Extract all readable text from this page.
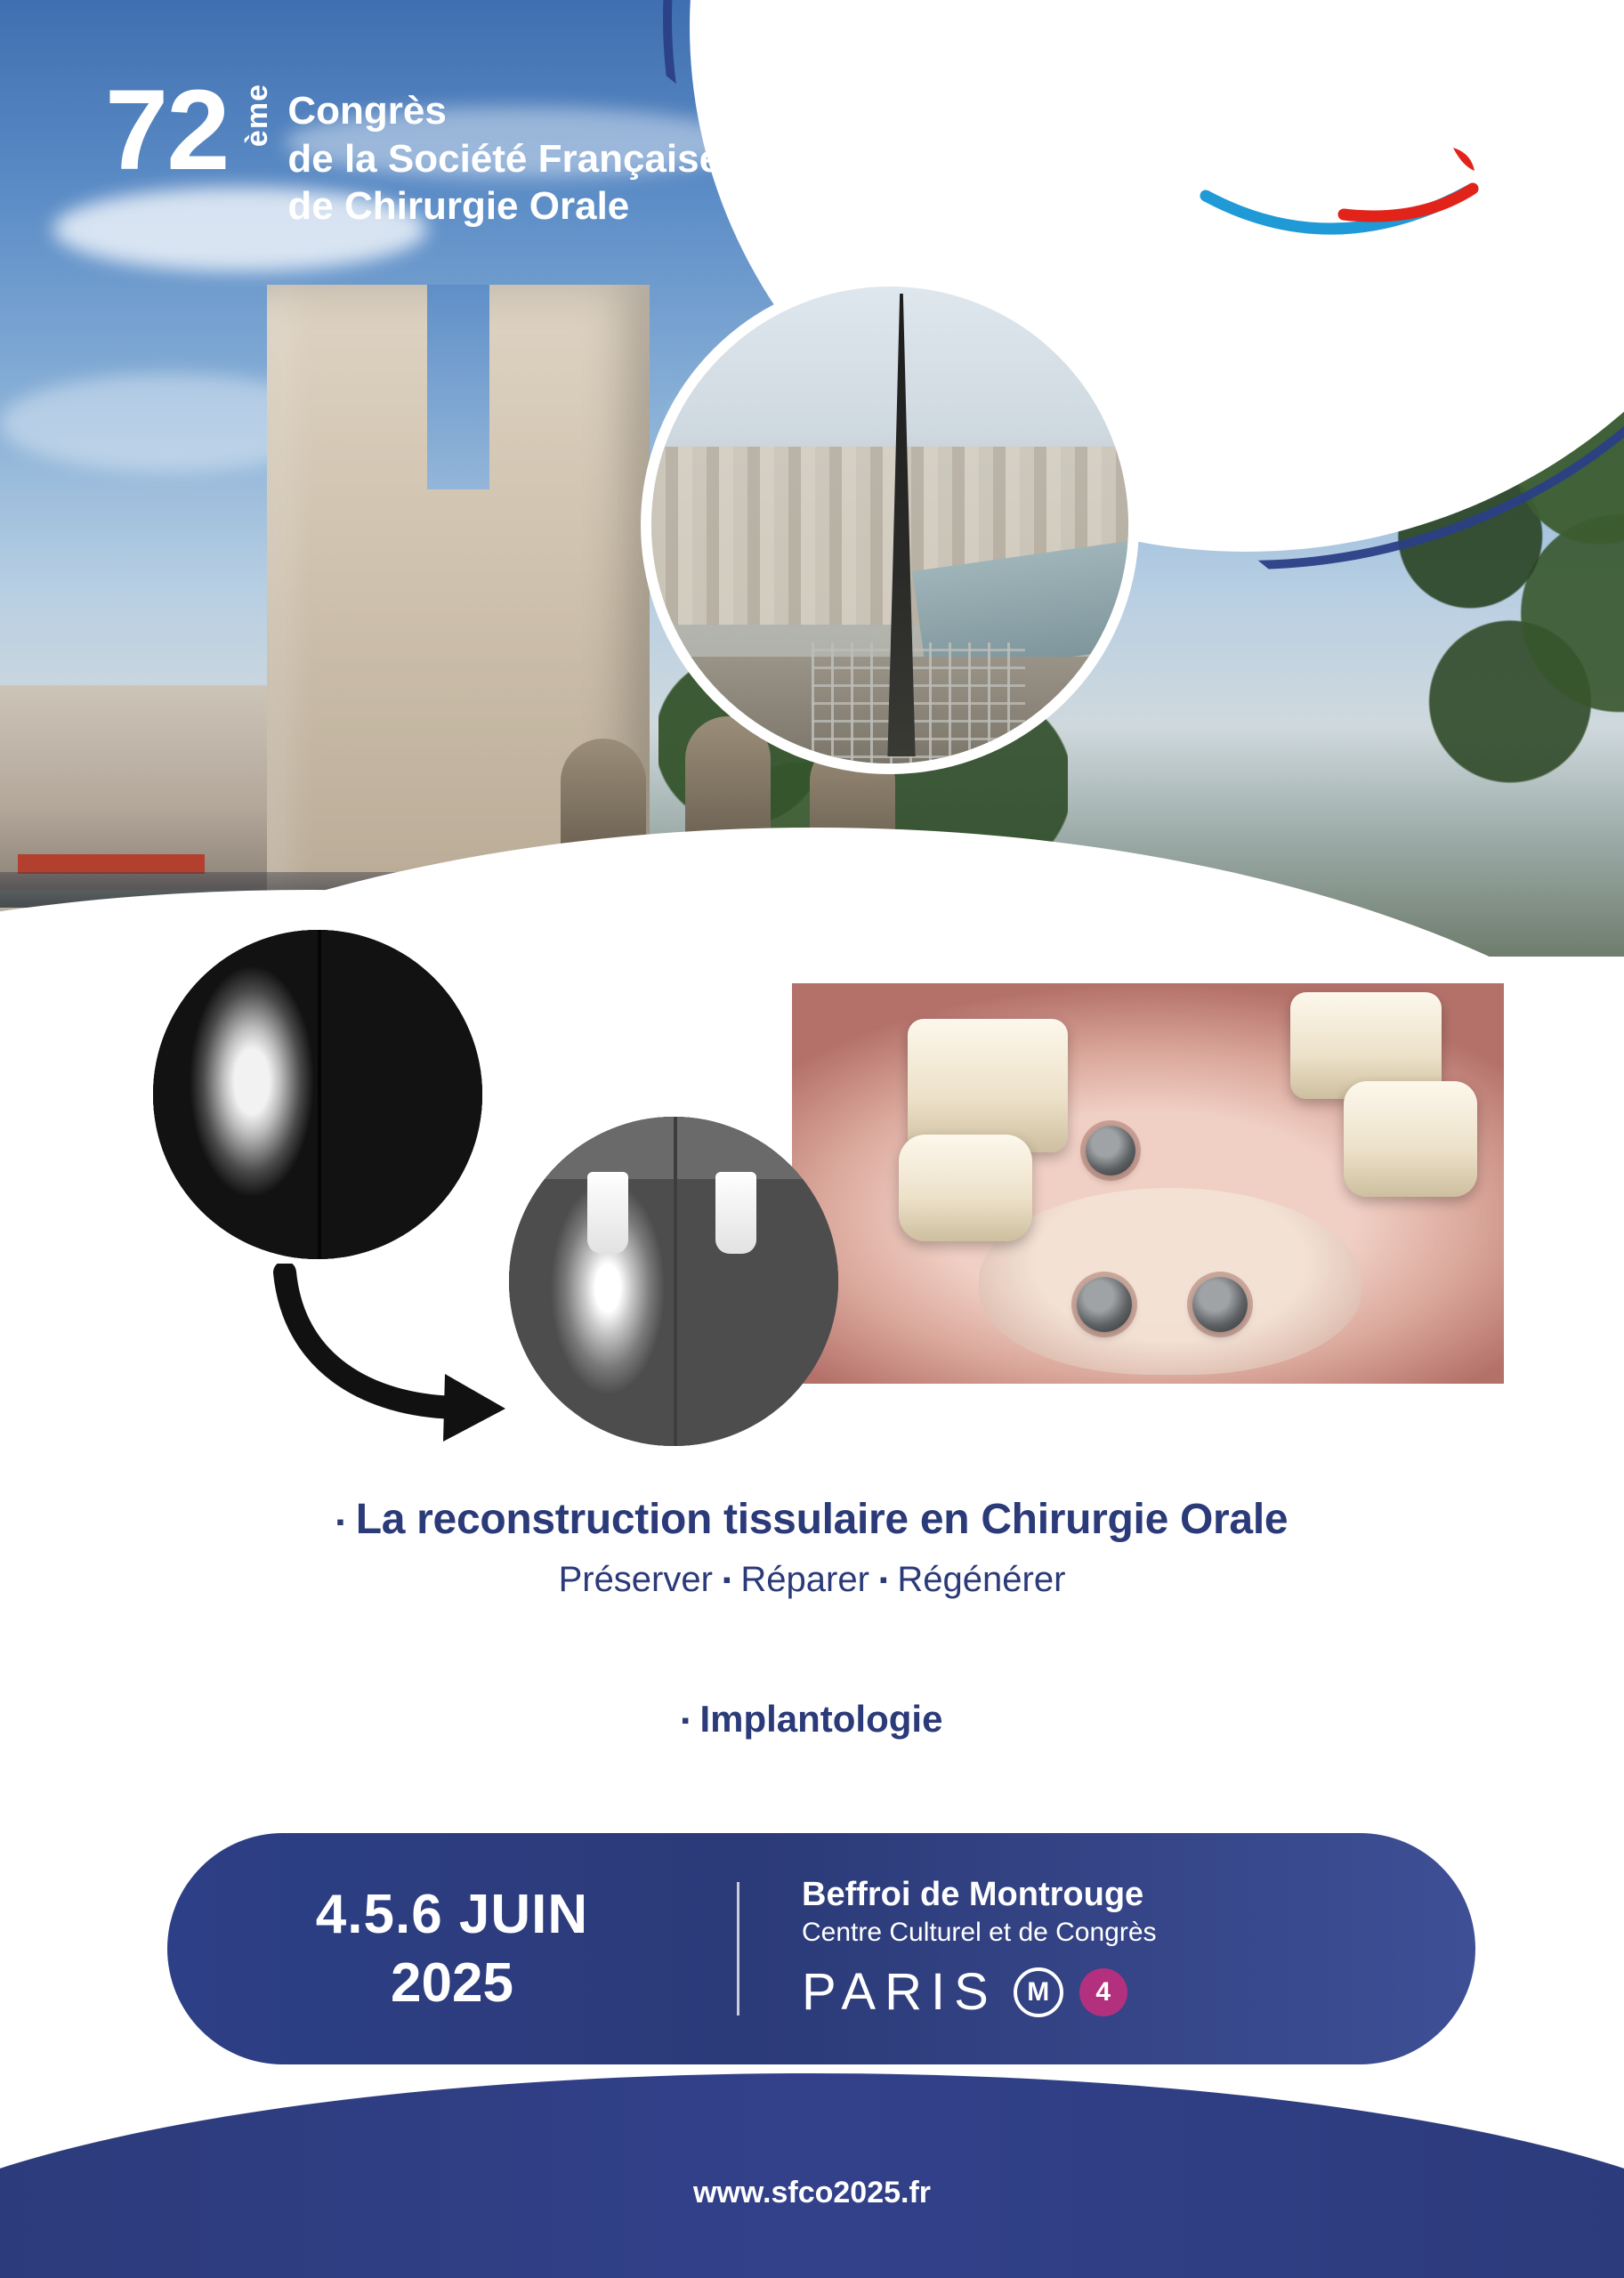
72 ème Congrès
de la Société Française
de Chirurgie Orale
sfco
▪ La reconstruction tissulaire en Chirurgie Orale
Préserver ▪ Réparer ▪ Régénérer
▪ Implantologie
4.5.6 JUIN
2025
Beffroi de Montrouge
Centre Culturel et de Congrès
PARIS	M	4
www.sfco2025.fr
